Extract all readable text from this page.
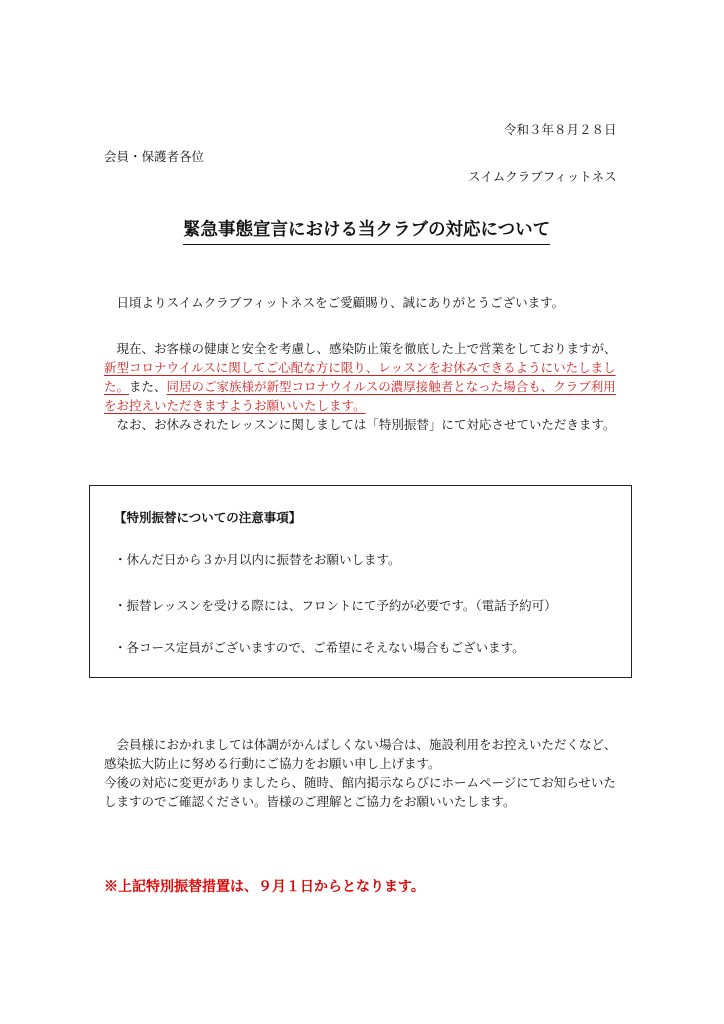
令和３年８月２８日
会員・保護者各位
スイムクラブフィットネス
緊急事態宣言における当クラブの対応について
　日頃よりスイムクラブフィットネスをご愛顧賜り、誠にありがとうございます。
　現在、お客様の健康と安全を考慮し、感染防止策を徹底した上で営業をしておりますが、
新型コロナウイルスに関してご心配な方に限り、レッスンをお休みできるようにいたしました。また、同居のご家族様が新型コロナウイルスの濃厚接触者となった場合も、クラブ利用をお控えいただきますようお願いいたします。
　なお、お休みされたレッスンに関しましては「特別振替」にて対応させていただきます。
【特別振替についての注意事項】
・休んだ日から３か月以内に振替をお願いします。
・振替レッスンを受ける際には、フロントにて予約が必要です。（電話予約可）
・各コース定員がございますので、ご希望にそえない場合もございます。
　会員様におかれましては体調がかんばしくない場合は、施設利用をお控えいただくなど、感染拡大防止に努める行動にご協力をお願い申し上げます。
今後の対応に変更がありましたら、随時、館内掲示ならびにホームページにてお知らせいたしますのでご確認ください。皆様のご理解とご協力をお願いいたします。
※上記特別振替措置は、９月１日からとなります。
